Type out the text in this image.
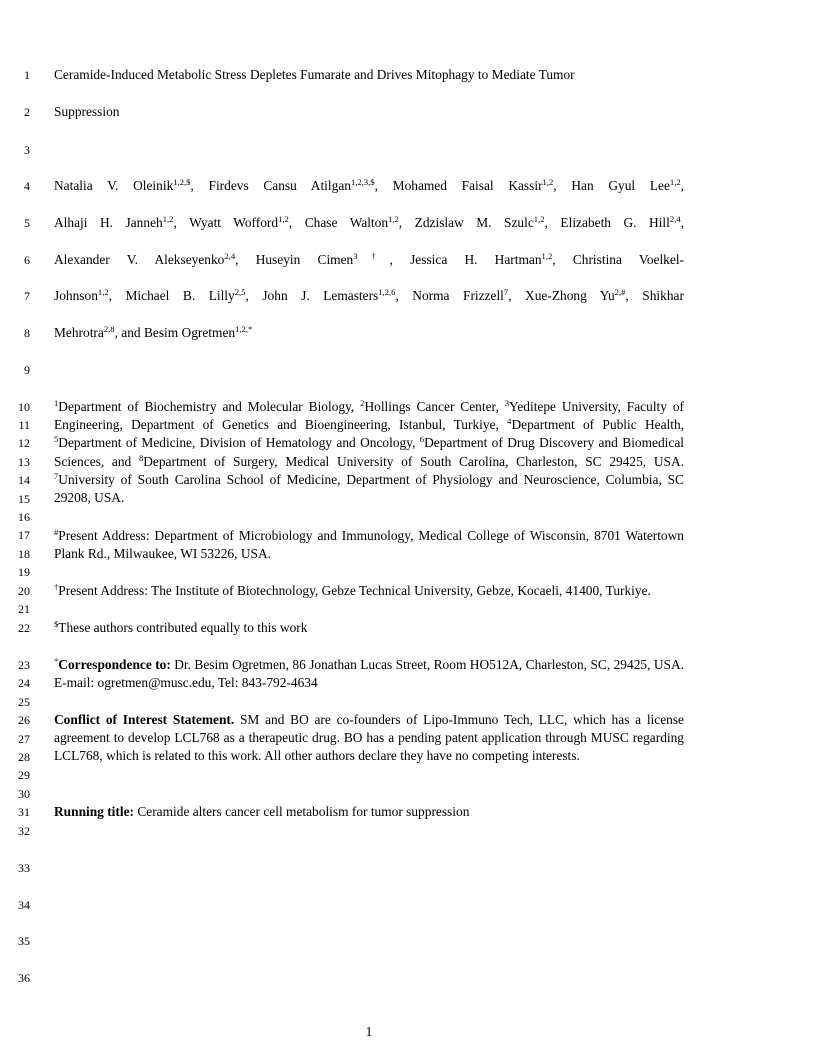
1
2
3
4
5
6
7
8
9
10
11
12
13
14
15
16
17
18
19
20
21
22
23
24
25
26
27
28
29
30
31
32
33
34
35
36
Ceramide-Induced Metabolic Stress Depletes Fumarate and Drives Mitophagy to Mediate Tumor
Suppression
Natalia V. Oleinik$^{1,2,\$}$, Firdevs Cansu Atilgan$^{1,2,3,\$}$, Mohamed Faisal Kassir$^{1,2}$, Han Gyul Lee$^{1,2}$,
Alhaji H. Janneh$^{1,2}$, Wyatt Wofford$^{1,2}$, Chase Walton$^{1,2}$, Zdzislaw M. Szulc$^{1,2}$, Elizabeth G. Hill$^{2,4}$,
Alexander V. Alekseyenko$^{2,4}$, Huseyin Cimen$^{3\dagger}$, Jessica H. Hartman$^{1,2}$, Christina Voelkel-
Johnson$^{1,2}$, Michael B. Lilly$^{2,5}$, John J. Lemasters$^{1,2,6}$, Norma Frizzell$^7$, Xue-Zhong $Yu^{2,\#}$, Shikhar
Mehrotra$^{2,8}$, and Besim Ogretmen$^{1,2,*}$
$^1$Department of Biochemistry and Molecular Biology, $^2$Hollings Cancer Center, $^3$Yeditepe University, Faculty of Engineering, Department of Genetics and Bioengineering, Istanbul, Turkiye, $^4$Department of Public Health, $^5$Department of Medicine, Division of Hematology and Oncology, $^6$Department of Drug Discovery and Biomedical Sciences, and $^8$Department of Surgery, Medical University of South Carolina, Charleston, SC 29425, USA. $^7$University of South Carolina School of Medicine, Department of Physiology and Neuroscience, Columbia, SC 29208, USA.
#Present Address: Department of Microbiology and Immunology, Medical College of Wisconsin, 8701 Watertown Plank Rd., Milwaukee, WI 53226, USA.
†Present Address: The Institute of Biotechnology, Gebze Technical University, Gebze, Kocaeli, 41400, Turkiye.
$These authors contributed equally to this work
*Correspondence to: Dr. Besim Ogretmen, 86 Jonathan Lucas Street, Room HO512A, Charleston, SC, 29425, USA. E-mail: ogretmen@musc.edu, Tel: 843-792-4634
Conflict of Interest Statement. SM and BO are co-founders of Lipo-Immuno Tech, LLC, which has a license agreement to develop LCL768 as a therapeutic drug. BO has a pending patent application through MUSC regarding LCL768, which is related to this work. All other authors declare they have no competing interests.
Running title: Ceramide alters cancer cell metabolism for tumor suppression
1
